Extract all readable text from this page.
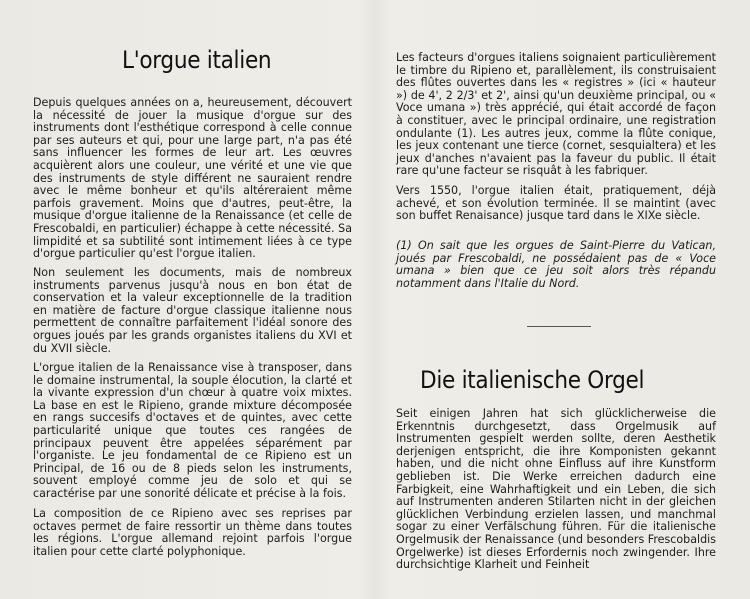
L'orgue italien

Depuis quelques années on a, heureusement, découvert la nécessité de jouer la musique d'orgue sur des instruments dont l'esthétique correspond à celle connue par ses auteurs et qui, pour une large part, n'a pas été sans influencer les formes de leur art. Les œuvres acquièrent alors une couleur, une vérité et une vie que des instruments de style différent ne sauraient rendre avec le même bonheur et qu'ils altéreraient même parfois gravement. Moins que d'autres, peut-être, la musique d'orgue italienne de la Renaissance (et celle de Frescobaldi, en particulier) échappe à cette nécessité. Sa limpidité et sa subtilité sont intimement liées à ce type d'orgue particulier qu'est l'orgue italien.

Non seulement les documents, mais de nombreux instruments parvenus jusqu'à nous en bon état de conservation et la valeur exceptionnelle de la tradition en matière de facture d'orgue classique italienne nous permettent de connaître parfaitement l'idéal sonore des orgues joués par les grands organistes italiens du XVI et du XVII siècle.

L'orgue italien de la Renaissance vise à transposer, dans le domaine instrumental, la souple élocution, la clarté et la vivante expression d'un chœur à quatre voix mixtes. La base en est le Ripieno, grande mixture décomposée en rangs succesifs d'octaves et de quintes, avec cette particularité unique que toutes ces rangées de principaux peuvent être appelées séparément par l'organiste. Le jeu fondamental de ce Ripieno est un Principal, de 16 ou de 8 pieds selon les instruments, souvent employé comme jeu de solo et qui se caractérise par une sonorité délicate et précise à la fois.

La composition de ce Ripieno avec ses reprises par octaves permet de faire ressortir un thème dans toutes les régions. L'orgue allemand rejoint parfois l'orgue italien pour cette clarté polyphonique.

Les facteurs d'orgues italiens soignaient particulièrement le timbre du Ripieno et, parallèlement, ils construisaient des flûtes ouvertes dans les « registres » (ici « hauteur ») de 4', 2 2/3' et 2', ainsi qu'un deuxième principal, ou « Voce umana ») très apprécié, qui était accordé de façon à constituer, avec le principal ordinaire, une registration ondulante (1). Les autres jeux, comme la flûte conique, les jeux contenant une tierce (cornet, sesquialtera) et les jeux d'anches n'avaient pas la faveur du public. Il était rare qu'une facteur se risquât à les fabriquer.

Vers 1550, l'orgue italien était, pratiquement, déjà achevé, et son évolution terminée. Il se maintint (avec son buffet Renaisance) jusque tard dans le XIXe siècle.

(1) On sait que les orgues de Saint-Pierre du Vatican, joués par Frescobaldi, ne possédaient pas de « Voce umana » bien que ce jeu soit alors très répandu notamment dans l'Italie du Nord.

Die italienische Orgel

Seit einigen Jahren hat sich glücklicherweise die Erkenntnis durchgesetzt, dass Orgelmusik auf Instrumenten gespielt werden sollte, deren Aesthetik derjenigen entspricht, die ihre Komponisten gekannt haben, und die nicht ohne Einfluss auf ihre Kunstform geblieben ist. Die Werke erreichen dadurch eine Farbigkeit, eine Wahrhaftigkeit und ein Leben, die sich auf Instrumenten anderen Stilarten nicht in der gleichen glücklichen Verbindung erzielen lassen, und manchmal sogar zu einer Verfälschung führen. Für die italienische Orgelmusik der Renaissance (und besonders Frescobaldis Orgelwerke) ist dieses Erfordernis noch zwingender. Ihre durchsichtige Klarheit und Feinheit
